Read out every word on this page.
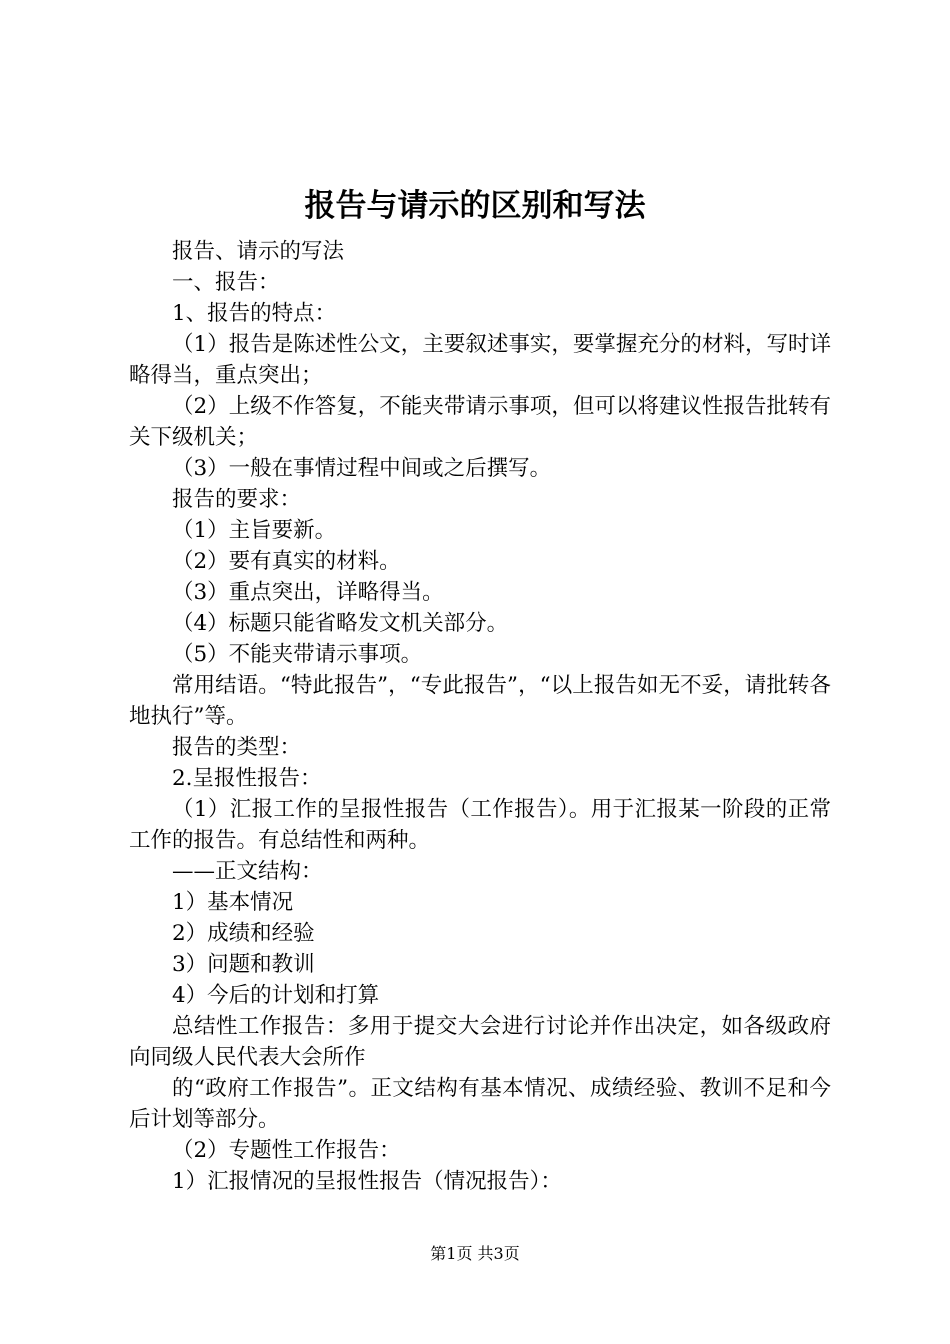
报告与请示的区别和写法

报告、请示的写法

一、报告：

1、报告的特点：

（1）报告是陈述性公文，主要叙述事实，要掌握充分的材料，写时详略得当，重点突出；

（2）上级不作答复，不能夹带请示事项，但可以将建议性报告批转有关下级机关；

（3）一般在事情过程中间或之后撰写。

报告的要求：

（1）主旨要新。

（2）要有真实的材料。

（3）重点突出，详略得当。

（4）标题只能省略发文机关部分。

（5）不能夹带请示事项。

常用结语。“特此报告”，“专此报告”，“以上报告如无不妥，请批转各地执行”等。

报告的类型：

2.呈报性报告：

（1）汇报工作的呈报性报告（工作报告）。用于汇报某一阶段的正常工作的报告。有总结性和两种。

——正文结构：

1）基本情况

2）成绩和经验

3）问题和教训

4）今后的计划和打算

总结性工作报告：多用于提交大会进行讨论并作出决定，如各级政府向同级人民代表大会所作

的“政府工作报告”。正文结构有基本情况、成绩经验、教训不足和今后计划等部分。

（2）专题性工作报告：

1）汇报情况的呈报性报告（情况报告）：

第1页 共3页
